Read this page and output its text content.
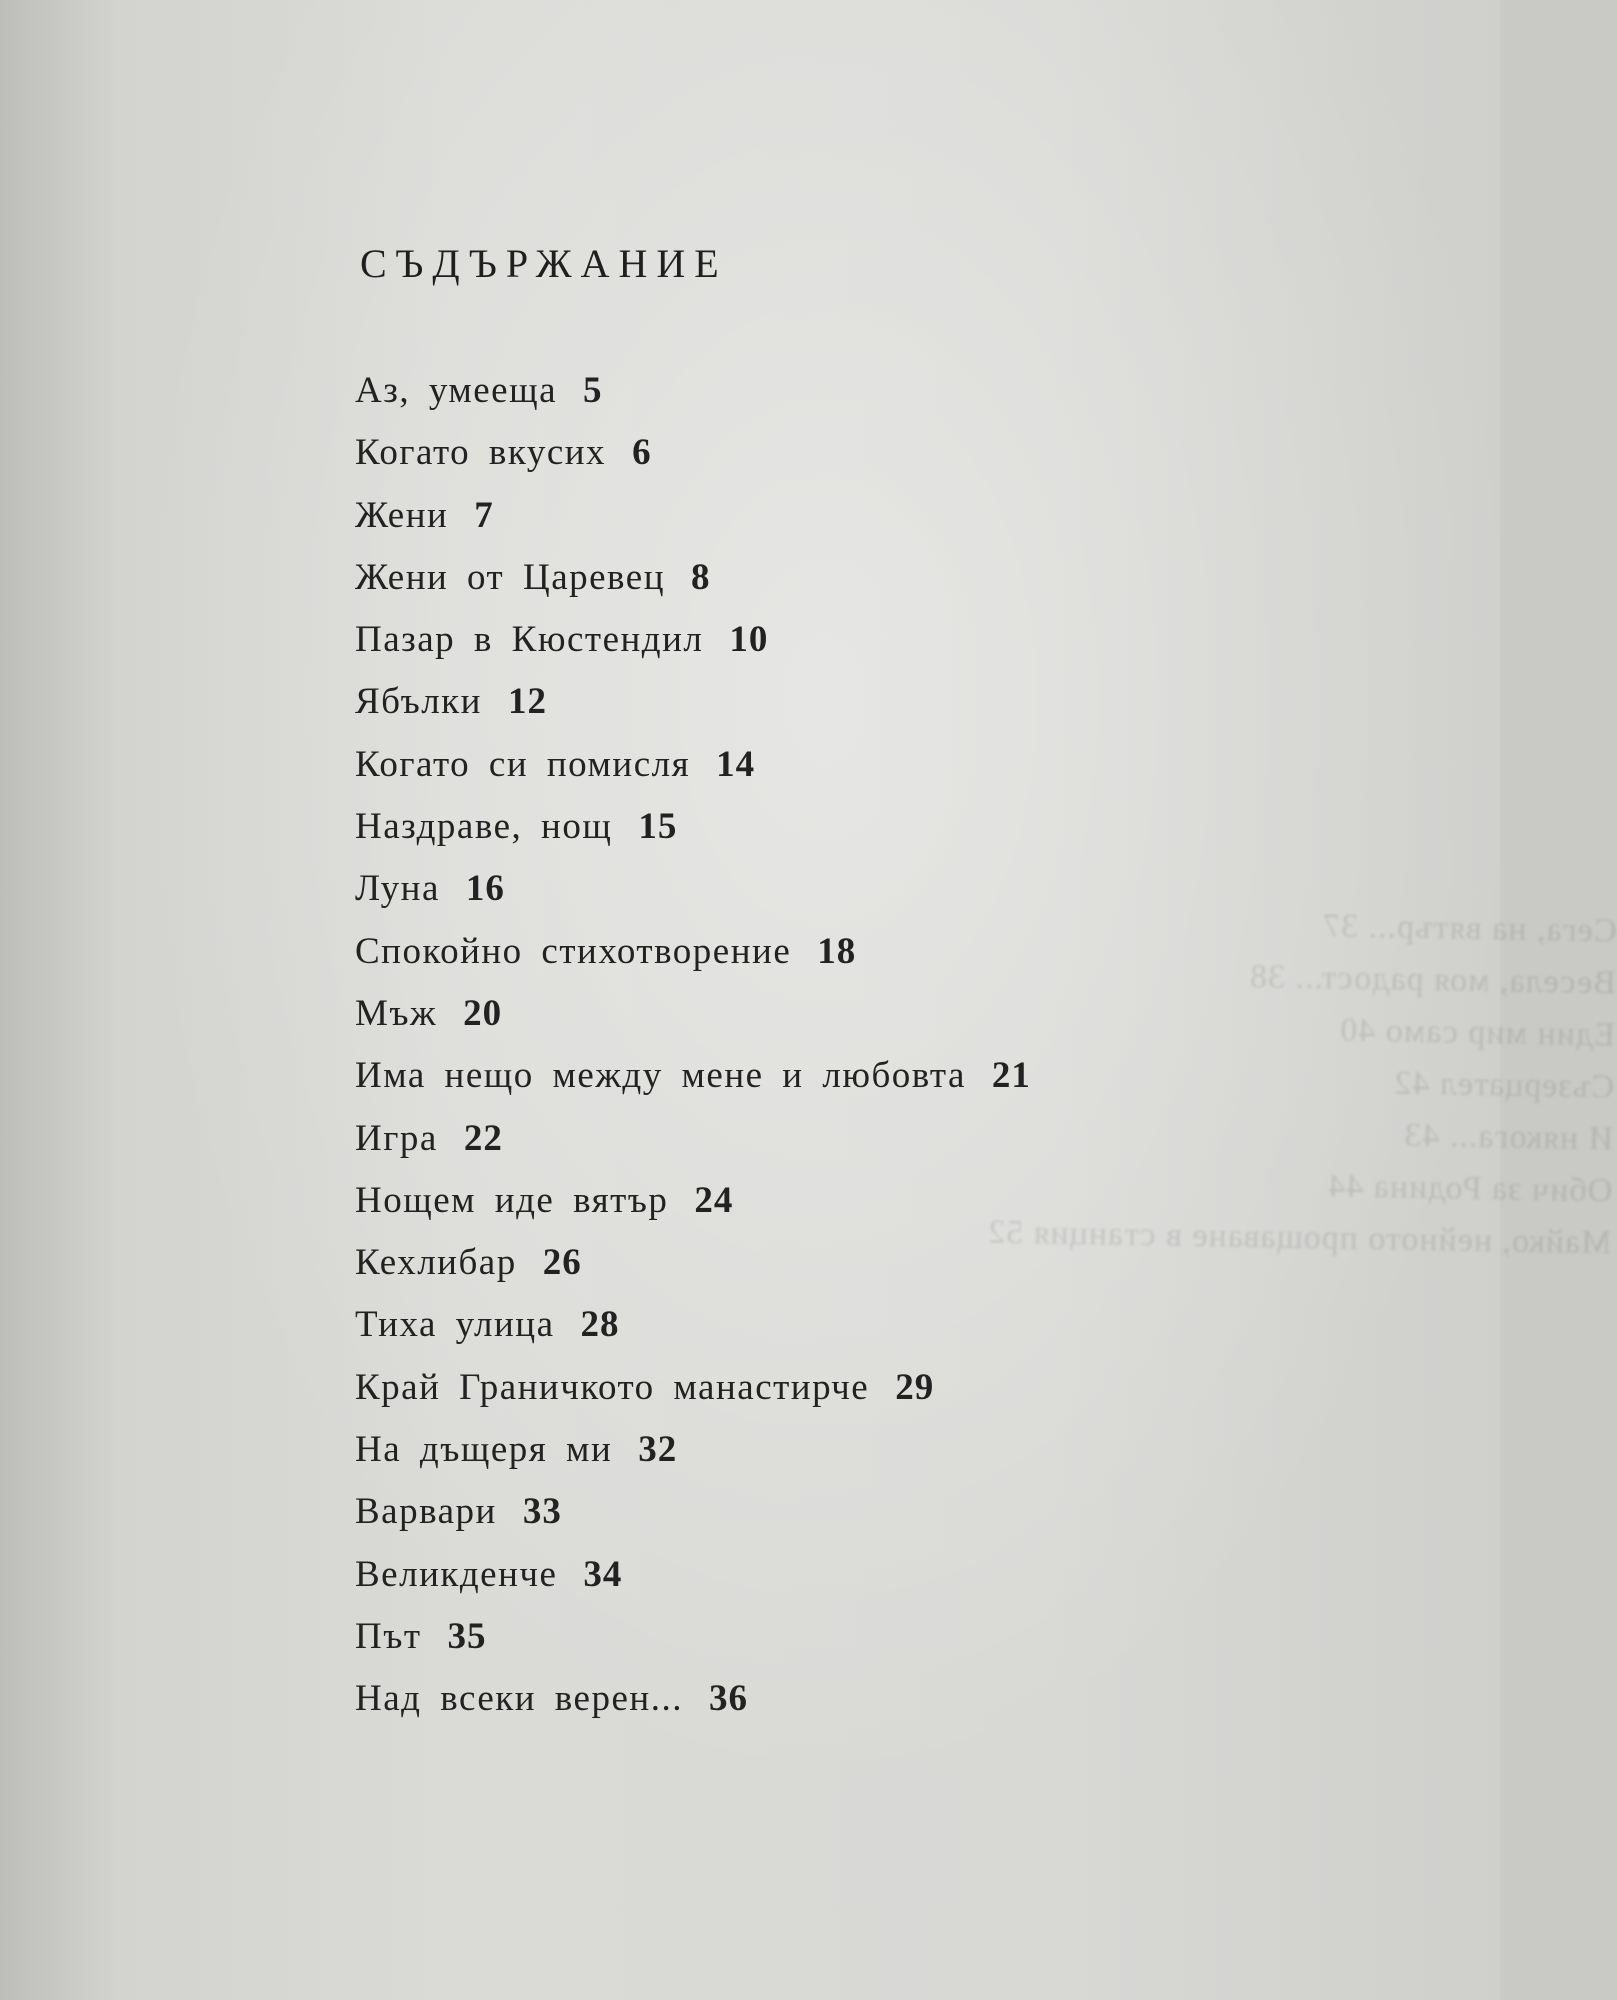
Сега, на вятър... 37
Весела, моя радост... 38
Един мир само 40
Съзерцател 42
И някога... 43
Обич за Родина 44
Майко, нейното прощаване в станция 52
СЪДЪРЖАНИЕ
Аз, умееща 5
Когато вкусих 6
Жени 7
Жени от Царевец 8
Пазар в Кюстендил 10
Ябълки 12
Когато си помисля 14
Наздраве, нощ 15
Луна 16
Спокойно стихотворение 18
Мъж 20
Има нещо между мене и любовта 21
Игра 22
Нощем иде вятър 24
Кехлибар 26
Тиха улица 28
Край Граничкото манастирче 29
На дъщеря ми 32
Варвари 33
Великденче 34
Път 35
Над всеки верен... 36
